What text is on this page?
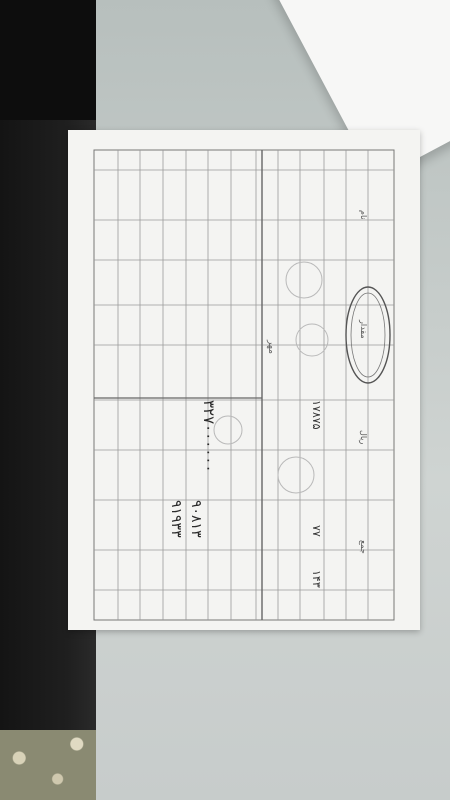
نام
مقدار
ریال
جمع
۳۲۷۰۰۰۰۰۰
۹۰۸۱۳
۹۱۹۳۳
۱۷۸۷۵
۱۴۳
۷۷
مهر
